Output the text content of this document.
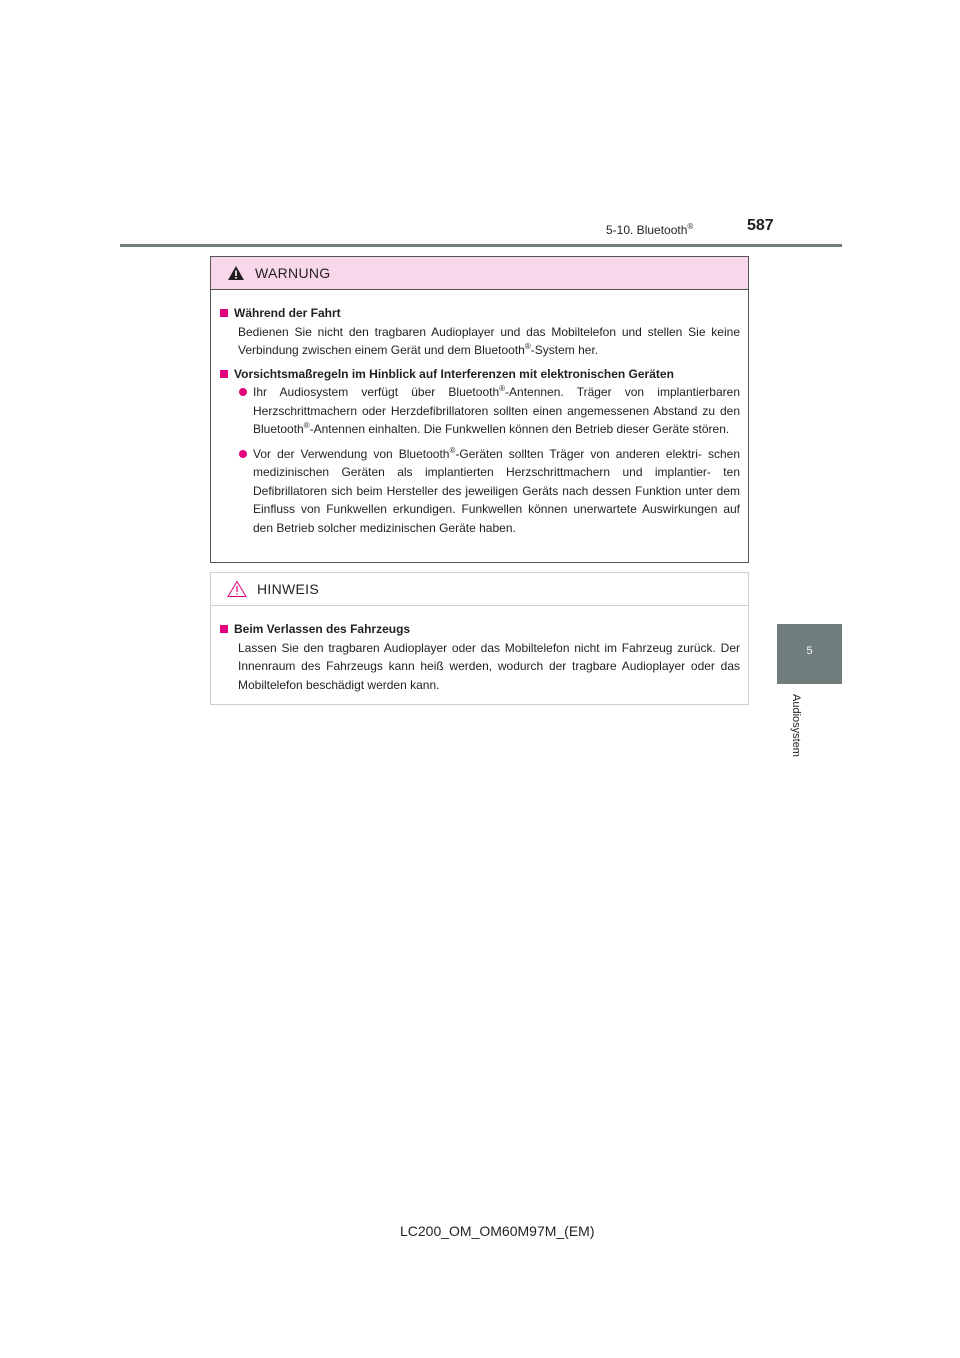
5-10. Bluetooth®	587
5
Audiosystem
WARNUNG
Während der Fahrt
Bedienen Sie nicht den tragbaren Audioplayer und das Mobiltelefon und stellen Sie keine Verbindung zwischen einem Gerät und dem Bluetooth®-System her.
Vorsichtsmaßregeln im Hinblick auf Interferenzen mit elektronischen Geräten
Ihr Audiosystem verfügt über Bluetooth®-Antennen. Träger von implantierbaren Herzschrittmachern oder Herzdefibrillatoren sollten einen angemessenen Abstand zu den Bluetooth®-Antennen einhalten. Die Funkwellen können den Betrieb dieser Geräte stören.
Vor der Verwendung von Bluetooth®-Geräten sollten Träger von anderen elektri- schen medizinischen Geräten als implantierten Herzschrittmachern und implantier- ten Defibrillatoren sich beim Hersteller des jeweiligen Geräts nach dessen Funktion unter dem Einfluss von Funkwellen erkundigen. Funkwellen können unerwartete Auswirkungen auf den Betrieb solcher medizinischen Geräte haben.
HINWEIS
Beim Verlassen des Fahrzeugs
Lassen Sie den tragbaren Audioplayer oder das Mobiltelefon nicht im Fahrzeug zurück. Der Innenraum des Fahrzeugs kann heiß werden, wodurch der tragbare Audioplayer oder das Mobiltelefon beschädigt werden kann.
LC200_OM_OM60M97M_(EM)
